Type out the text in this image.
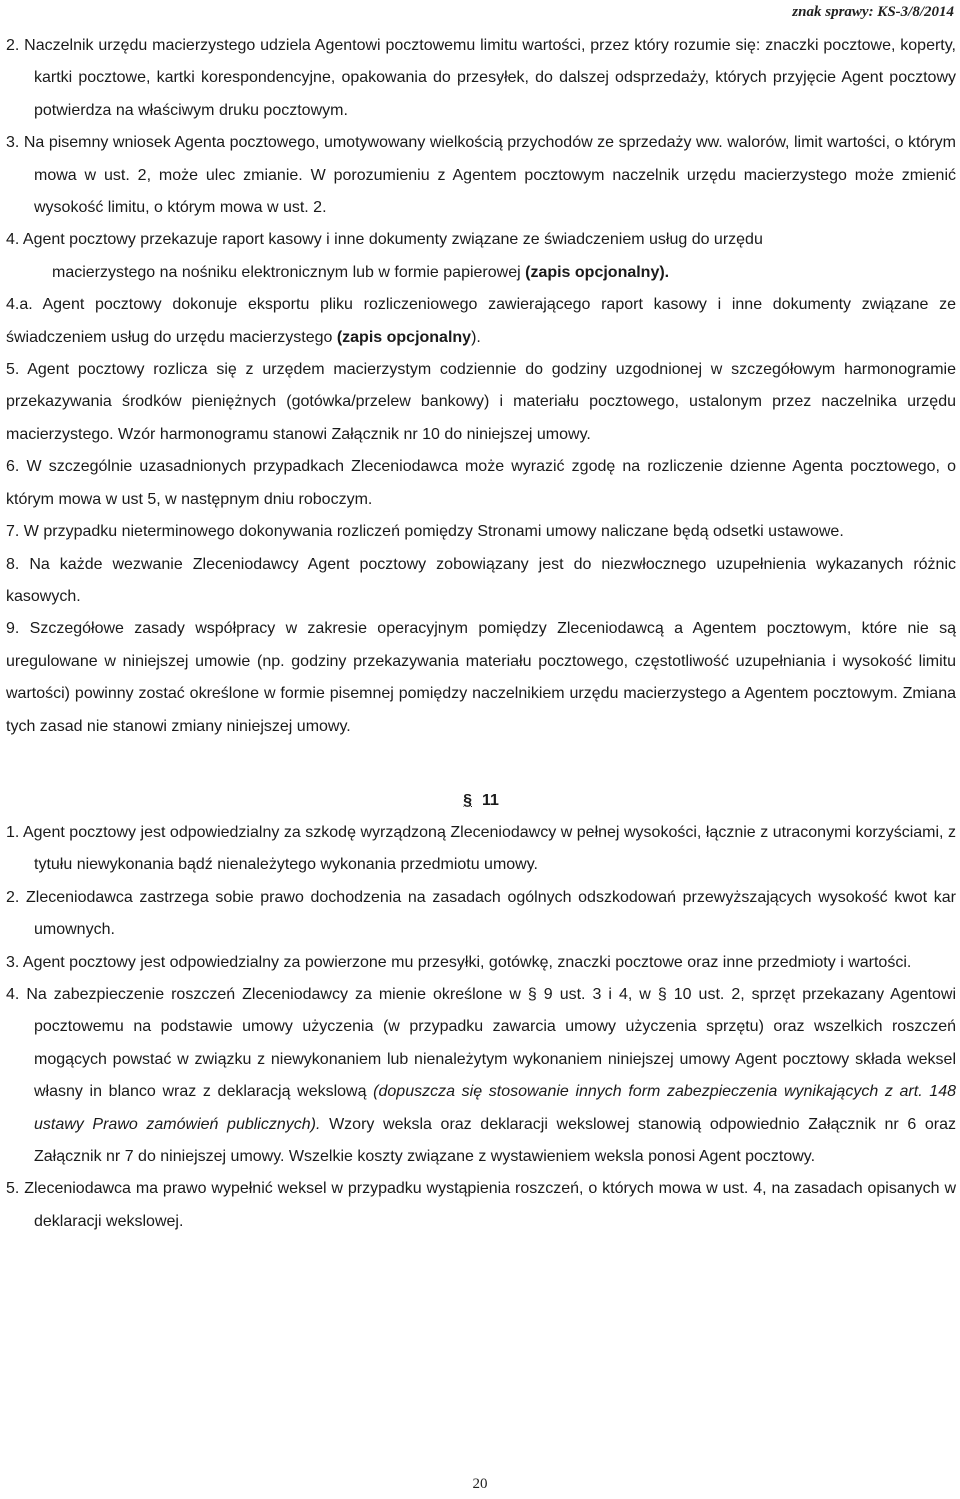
znak sprawy: KS-3/8/2014

2. Naczelnik urzędu macierzystego udziela Agentowi pocztowemu limitu wartości, przez który rozumie się: znaczki pocztowe, koperty, kartki pocztowe, kartki korespondencyjne, opakowania do przesyłek, do dalszej odsprzedaży, których przyjęcie Agent pocztowy potwierdza na właściwym druku pocztowym.

3. Na pisemny wniosek Agenta pocztowego, umotywowany wielkością przychodów ze sprzedaży ww. walorów, limit wartości, o którym mowa w ust. 2, może ulec zmianie. W porozumieniu z Agentem pocztowym naczelnik urzędu macierzystego może zmienić wysokość limitu, o którym mowa w ust. 2.

4. Agent pocztowy przekazuje raport kasowy i inne dokumenty związane ze świadczeniem usług do urzędu
macierzystego na nośniku elektronicznym lub w formie papierowej (zapis opcjonalny).

4.a. Agent pocztowy dokonuje eksportu pliku rozliczeniowego zawierającego raport kasowy i inne dokumenty związane ze świadczeniem usług do urzędu macierzystego (zapis opcjonalny).

5. Agent pocztowy rozlicza się z urzędem macierzystym codziennie do godziny uzgodnionej w szczegółowym harmonogramie przekazywania środków pieniężnych (gotówka/przelew bankowy) i materiału pocztowego, ustalonym przez naczelnika urzędu macierzystego. Wzór harmonogramu stanowi Załącznik nr 10 do niniejszej umowy.

6. W szczególnie uzasadnionych przypadkach Zleceniodawca może wyrazić zgodę na rozliczenie dzienne Agenta pocztowego, o którym mowa w ust 5, w następnym dniu roboczym.

7. W przypadku nieterminowego dokonywania rozliczeń pomiędzy Stronami umowy naliczane będą odsetki ustawowe.

8. Na każde wezwanie Zleceniodawcy Agent pocztowy zobowiązany jest do niezwłocznego uzupełnienia wykazanych różnic kasowych.

9. Szczegółowe zasady współpracy w zakresie operacyjnym pomiędzy Zleceniodawcą a Agentem pocztowym, które nie są uregulowane w niniejszej umowie (np. godziny przekazywania materiału pocztowego, częstotliwość uzupełniania i wysokość limitu wartości) powinny zostać określone w formie pisemnej pomiędzy naczelnikiem urzędu macierzystego a Agentem pocztowym. Zmiana tych zasad nie stanowi zmiany niniejszej umowy.

§ 11

1. Agent pocztowy jest odpowiedzialny za szkodę wyrządzoną Zleceniodawcy w pełnej wysokości, łącznie z utraconymi korzyściami, z tytułu niewykonania bądź nienależytego wykonania przedmiotu umowy.

2. Zleceniodawca zastrzega sobie prawo dochodzenia na zasadach ogólnych odszkodowań przewyższających wysokość kwot kar umownych.

3. Agent pocztowy jest odpowiedzialny za powierzone mu przesyłki, gotówkę, znaczki pocztowe oraz inne przedmioty i wartości.

4. Na zabezpieczenie roszczeń Zleceniodawcy za mienie określone w § 9 ust. 3 i 4, w § 10 ust. 2, sprzęt przekazany Agentowi pocztowemu na podstawie umowy użyczenia (w przypadku zawarcia umowy użyczenia sprzętu) oraz wszelkich roszczeń mogących powstać w związku z niewykonaniem lub nienależytym wykonaniem niniejszej umowy Agent pocztowy składa weksel własny in blanco wraz z deklaracją wekslową (dopuszcza się stosowanie innych form zabezpieczenia wynikających z art. 148 ustawy Prawo zamówień publicznych). Wzory weksla oraz deklaracji wekslowej stanowią odpowiednio Załącznik nr 6 oraz Załącznik nr 7 do niniejszej umowy. Wszelkie koszty związane z wystawieniem weksla ponosi Agent pocztowy.

5. Zleceniodawca ma prawo wypełnić weksel w przypadku wystąpienia roszczeń, o których mowa w ust. 4, na zasadach opisanych w deklaracji wekslowej.

20
